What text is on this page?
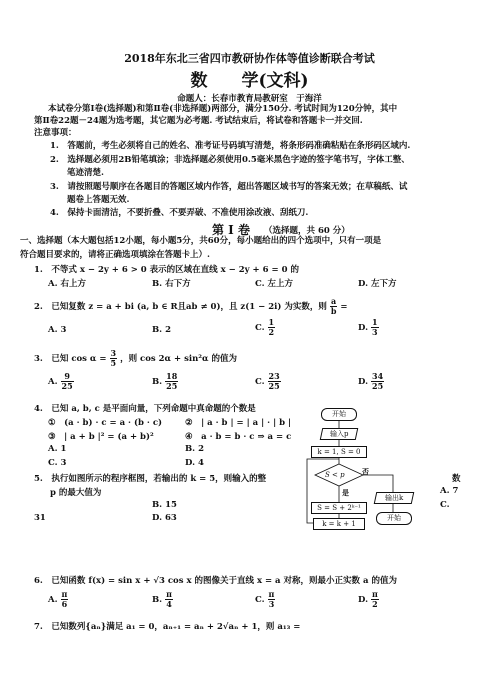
2018年东北三省四市教研协作体等值诊断联合考试
数　　学(文科)
命题人：长春市教育局教研室　于海洋
本试卷分第Ⅰ卷(选择题)和第Ⅱ卷(非选择题)两部分，满分150分. 考试时间为120分钟，其中
第Ⅱ卷22题－24题为选考题，其它题为必考题. 考试结束后，将试卷和答题卡一并交回.
注意事项：
1.　答题前，考生必须将自己的姓名、准考证号码填写清楚，将条形码准确粘贴在条形码区域内.
2.　选择题必须用2B铅笔填涂；非选择题必须使用0.5毫米黑色字迹的签字笔书写，字体工整、
　　笔迹清楚.
3.　请按照题号顺序在各题目的答题区域内作答，超出答题区域书写的答案无效；在草稿纸、试
　　题卷上答题无效.
4.　保持卡面清洁，不要折叠、不要弄破、不准使用涂改液、刮纸刀.
第 Ⅰ 卷 （选择题，共 60 分）
一、选择题（本大题包括12小题，每小题5分，共60分，每小题给出的四个选项中，只有一项是
符合题目要求的，请将正确选项填涂在答题卡上）.
1.　不等式 x − 2y + 6 > 0 表示的区域在直线 x − 2y + 6 = 0 的
A. 右上方	B. 右下方	C. 左上方	D. 左下方
2.　已知复数 z = a + bi (a, b ∈ R且ab ≠ 0)，且 z(1 − 2i) 为实数，则 $\frac{a}{b}$ =
A. 3	B. 2	C. $\frac{1}{2}$	D. $\frac{1}{3}$
3.　已知 $\cos \alpha = \frac{3}{5}$ ，则 cos 2α + sin²α 的值为
A. $\frac{9}{25}$	B. $\frac{18}{25}$	C. $\frac{23}{25}$	D. $\frac{34}{25}$
4.　已知 a, b, c 是平面向量，下列命题中真命题的个数是
①　(a · b) · c = a · (b · c)	②　| a · b | = | a | · | b |
③　| a + b |² = (a + b)²	④　a · b = b · c ⇒ a = c
A. 1	B. 2
C. 3	D. 4
5.　执行如图所示的程序框图，若输出的 k = 5，则输入的整	数
p 的最大值为	A. 7
B. 15	C.
31	D. 63
开始
输入p
k = 1, S = 0
S < p 否
是
S = S + 2ᵏ⁻¹
k = k + 1
输出k
开始
6.　已知函数 f(x) = sin x + √3 cos x 的图像关于直线 x = a 对称，则最小正实数 a 的值为
A. $\frac{\pi}{6}$	B. $\frac{\pi}{4}$	C. $\frac{\pi}{3}$	D. $\frac{\pi}{2}$
7.　已知数列{aₙ}满足 a₁ = 0，aₙ₊₁ = aₙ + 2√aₙ + 1，则 a₁₃ =
